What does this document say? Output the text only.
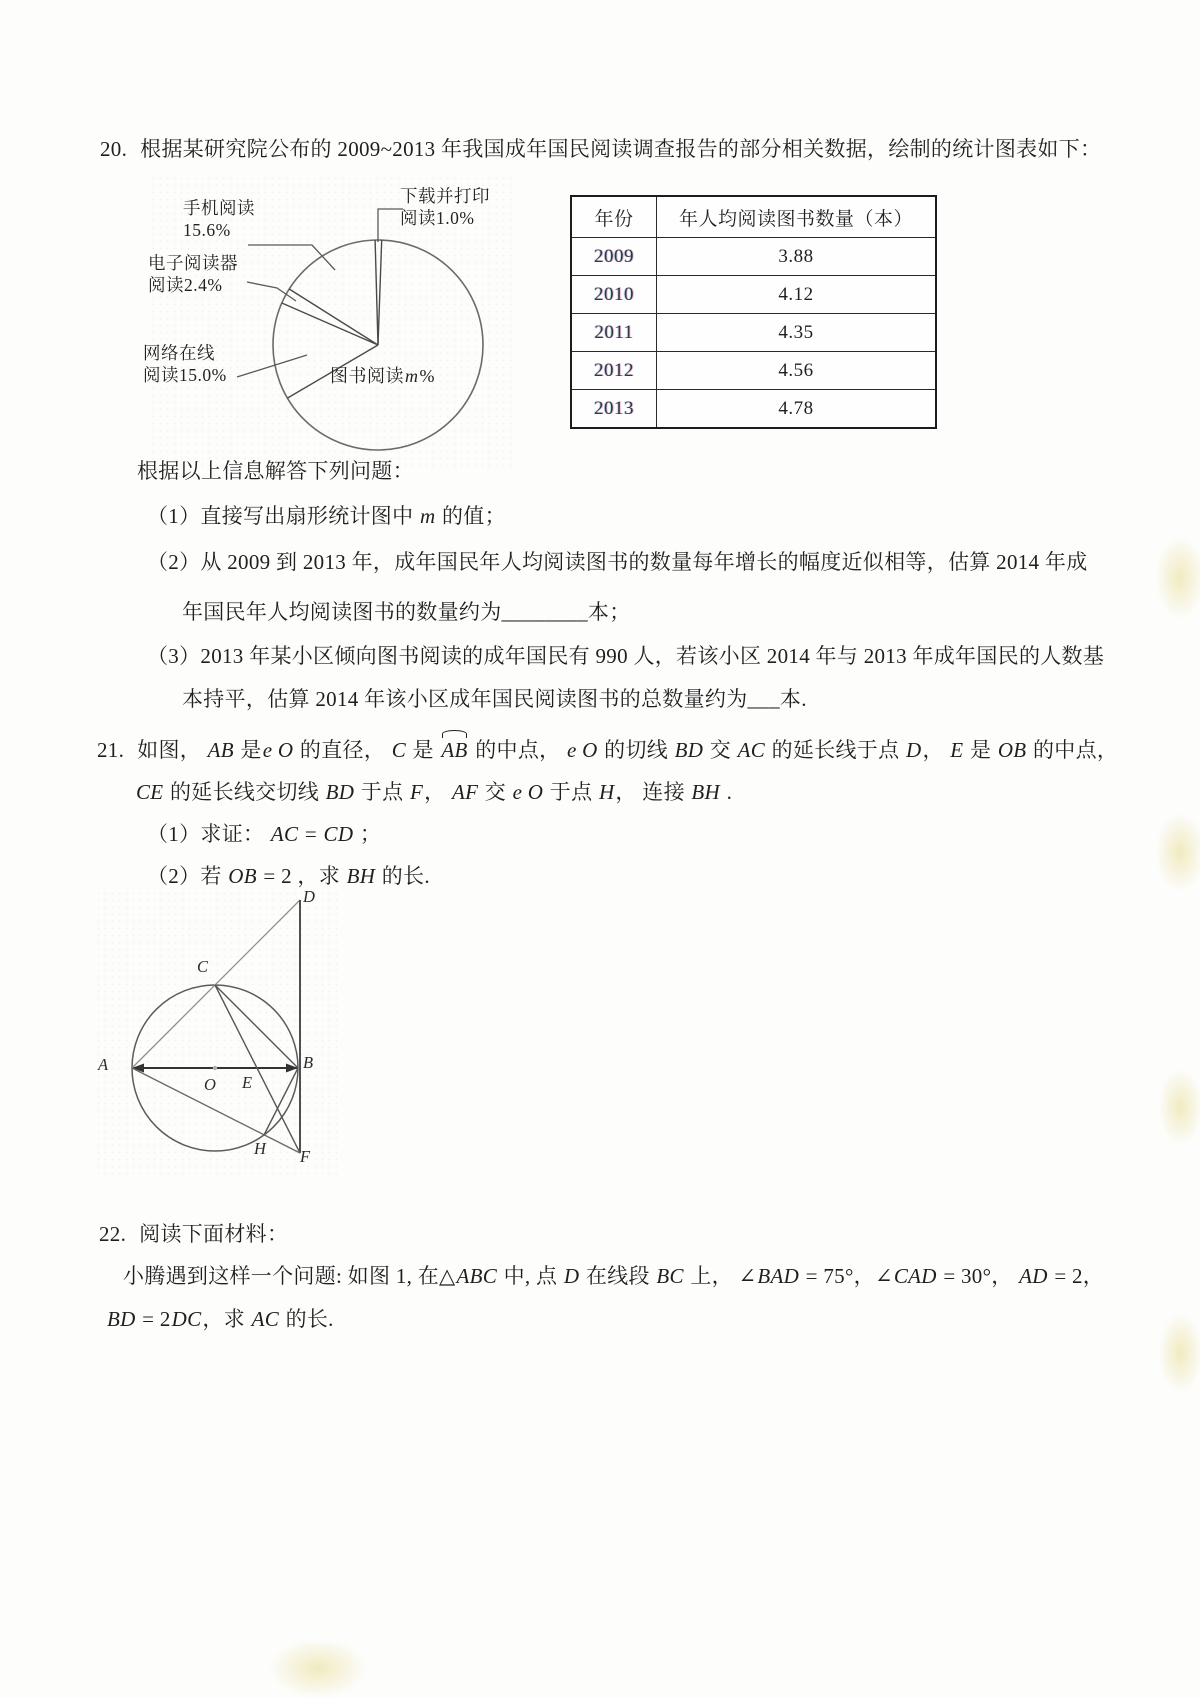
20. 根据某研究院公布的 2009~2013 年我国成年国民阅读调查报告的部分相关数据，绘制的统计图表如下：
下载并打印
阅读1.0%
手机阅读
15.6%
电子阅读器
阅读2.4%
网络在线
阅读15.0%	图书阅读m%
年份	年人均阅读图书数量（本）
2009	3.88
2010	4.12
2011	4.35
2012	4.56
2013	4.78
根据以上信息解答下列问题：
（1）直接写出扇形统计图中 m 的值；
（2）从 2009 到 2013 年，成年国民年人均阅读图书的数量每年增长的幅度近似相等，估算 2014 年成
年国民年人均阅读图书的数量约为________本；
（3）2013 年某小区倾向图书阅读的成年国民有 990 人，若该小区 2014 年与 2013 年成年国民的人数基
本持平，估算 2014 年该小区成年国民阅读图书的总数量约为___本.
21. 如图， AB 是e O 的直径， C 是 AB 的中点， e O 的切线 BD 交 AC 的延长线于点 D， E 是 OB 的中点，
CE 的延长线交切线 BD 于点 F， AF 交 e O 于点 H， 连接 BH .
（1）求证： AC = CD ；
（2）若 OB = 2 ，求 BH 的长.
D
C
A	B
O E
H F
22. 阅读下面材料：
小腾遇到这样一个问题: 如图 1, 在△ABC 中, 点 D 在线段 BC 上， ∠BAD = 75°，∠CAD = 30°， AD = 2，
BD = 2DC，求 AC 的长.
